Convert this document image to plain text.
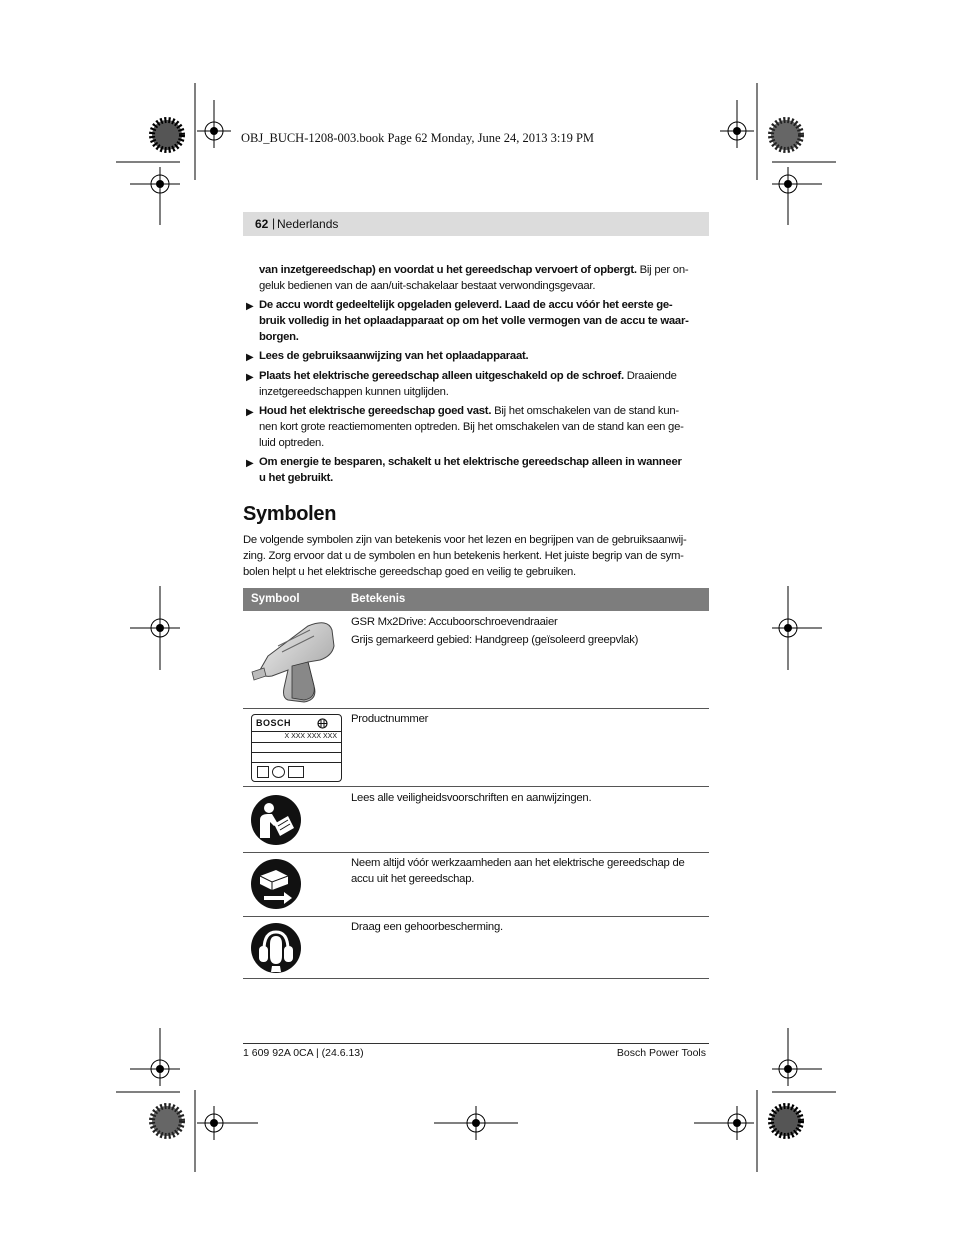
OBJ_BUCH-1208-003.book Page 62 Monday, June 24, 2013 3:19 PM
62 | Nederlands
van inzetgereedschap) en voordat u het gereedschap vervoert of opbergt. Bij per on-
geluk bedienen van de aan/uit-schakelaar bestaat verwondingsgevaar.
▶ De accu wordt gedeeltelijk opgeladen geleverd. Laad de accu vóór het eerste ge-
bruik volledig in het oplaadapparaat op om het volle vermogen van de accu te waar-
borgen.
▶ Lees de gebruiksaanwijzing van het oplaadapparaat.
▶ Plaats het elektrische gereedschap alleen uitgeschakeld op de schroef. Draaiende
inzetgereedschappen kunnen uitglijden.
▶ Houd het elektrische gereedschap goed vast. Bij het omschakelen van de stand kun-
nen kort grote reactiemomenten optreden. Bij het omschakelen van de stand kan een ge-
luid optreden.
▶ Om energie te besparen, schakelt u het elektrische gereedschap alleen in wanneer
u het gebruikt.
Symbolen
De volgende symbolen zijn van betekenis voor het lezen en begrijpen van de gebruiksaanwij-
zing. Zorg ervoor dat u de symbolen en hun betekenis herkent. Het juiste begrip van de sym-
bolen helpt u het elektrische gereedschap goed en veilig te gebruiken.
Symbool	Betekenis
GSR Mx2Drive: Accuboorschroevendraaier
Grijs gemarkeerd gebied: Handgreep (geïsoleerd greepvlak)
BOSCH
X XXX XXX XXX
Productnummer
Lees alle veiligheidsvoorschriften en aanwijzingen.
Neem altijd vóór werkzaamheden aan het elektrische gereedschap de
accu uit het gereedschap.
Draag een gehoorbescherming.
1 609 92A 0CA | (24.6.13)	Bosch Power Tools
